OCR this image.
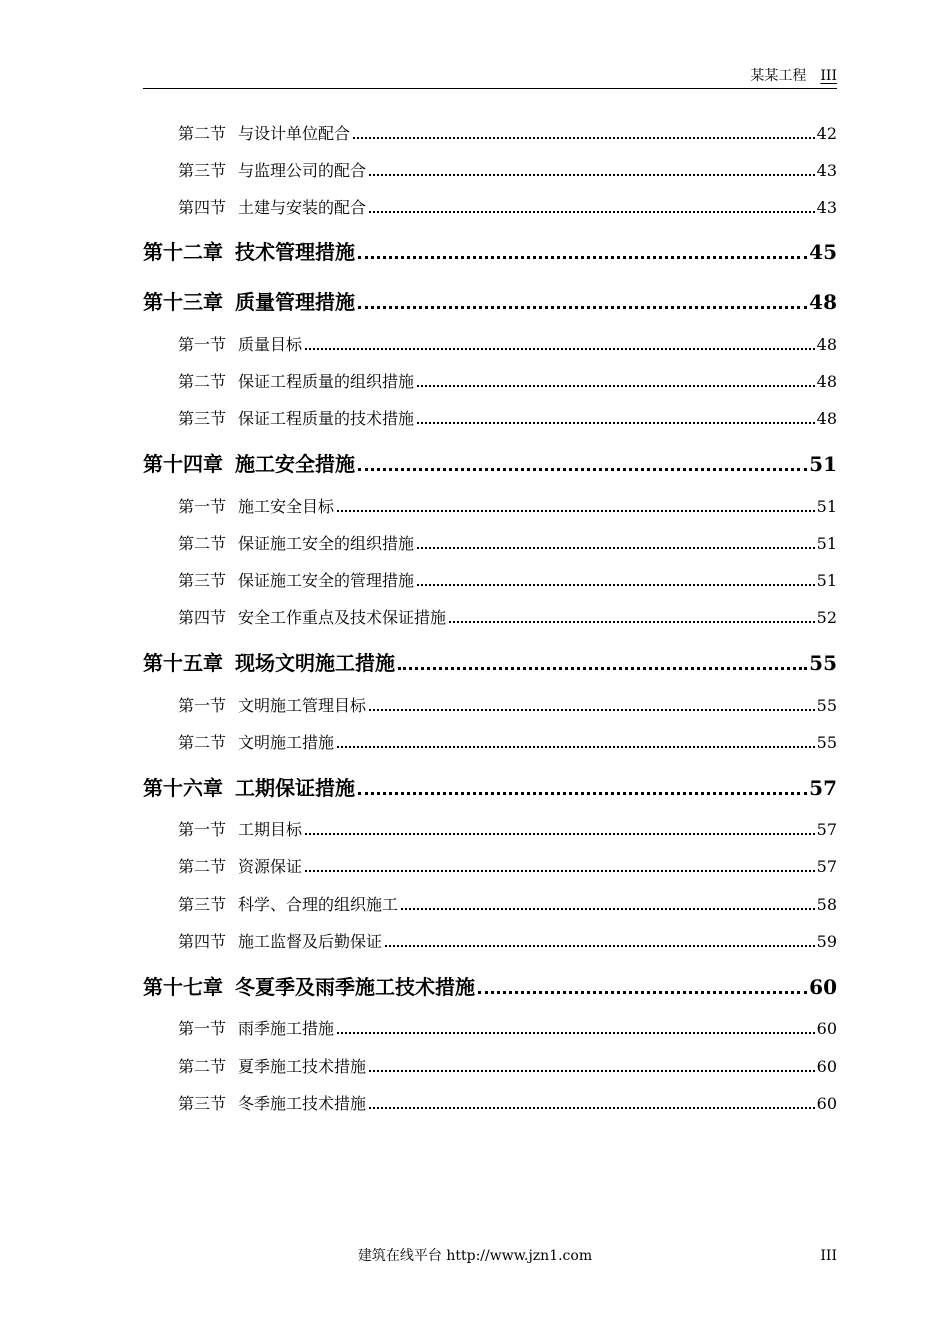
某某工程 III
第二节 与设计单位配合	42
第三节 与监理公司的配合	43
第四节 土建与安装的配合	43
第十二章 技术管理措施	45
第十三章 质量管理措施	48
第一节 质量目标	48
第二节 保证工程质量的组织措施	48
第三节 保证工程质量的技术措施	48
第十四章 施工安全措施	51
第一节 施工安全目标	51
第二节 保证施工安全的组织措施	51
第三节 保证施工安全的管理措施	51
第四节 安全工作重点及技术保证措施	52
第十五章 现场文明施工措施	55
第一节 文明施工管理目标	55
第二节 文明施工措施	55
第十六章 工期保证措施	57
第一节 工期目标	57
第二节 资源保证	57
第三节 科学、合理的组织施工	58
第四节 施工监督及后勤保证	59
第十七章 冬夏季及雨季施工技术措施	60
第一节 雨季施工措施	60
第二节 夏季施工技术措施	60
第三节 冬季施工技术措施	60
建筑在线平台 http://www.jzn1.com	III
